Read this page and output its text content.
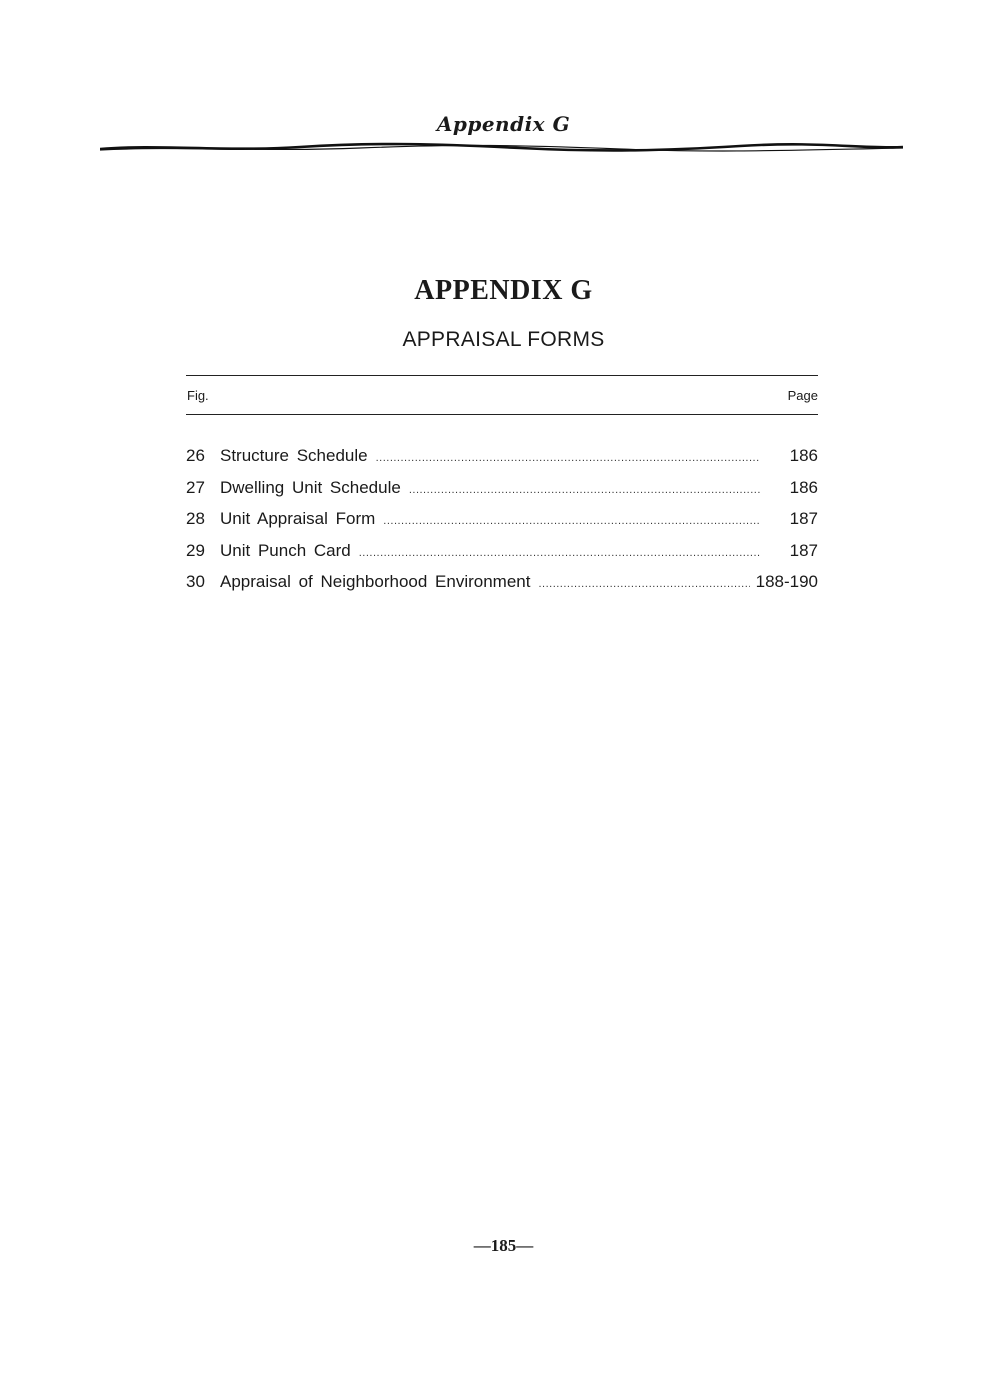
Appendix G
APPENDIX G
APPRAISAL FORMS
Fig.	Page
26 Structure Schedule .....	186
27 Dwelling Unit Schedule .....	186
28 Unit Appraisal Form .....	187
29 Unit Punch Card .....	187
30 Appraisal of Neighborhood Environment .....	188-190
—185—
